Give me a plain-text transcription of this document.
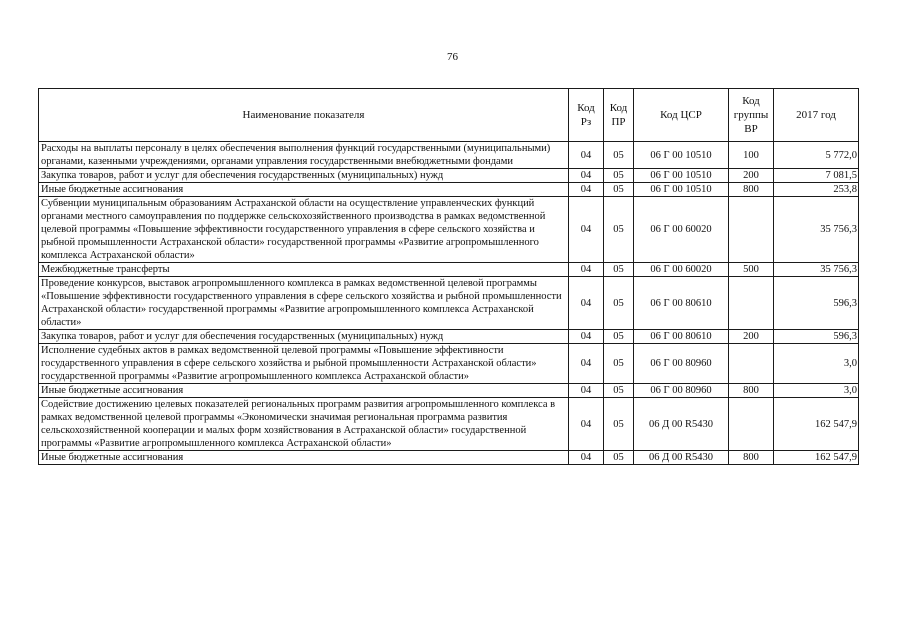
76
Наименование показателя	Код Рз	Код ПР	Код ЦСР	Код группы ВР	2017 год
Расходы на выплаты персоналу в целях обеспечения выполнения функций государственными (муниципальными) органами, казенными учреждениями, органами управления государственными внебюджетными фондами	04	05	06 Г 00 10510	100	5 772,0
Закупка товаров, работ и услуг для обеспечения государственных (муниципальных) нужд	04	05	06 Г 00 10510	200	7 081,5
Иные бюджетные ассигнования	04	05	06 Г 00 10510	800	253,8
Субвенции муниципальным образованиям Астраханской области на осуществление управленческих функций органами местного самоуправления по поддержке сельскохозяйственного производства в рамках ведомственной целевой программы «Повышение эффективности государственного управления в сфере сельского хозяйства и рыбной промышленности Астраханской области» государственной программы «Развитие агропромышленного комплекса Астраханской области»	04	05	06 Г 00 60020		35 756,3
Межбюджетные трансферты	04	05	06 Г 00 60020	500	35 756,3
Проведение конкурсов, выставок агропромышленного комплекса в рамках ведомственной целевой программы «Повышение эффективности государственного управления в сфере сельского хозяйства и рыбной промышленности Астраханской области» государственной программы «Развитие агропромышленного комплекса Астраханской области»	04	05	06 Г 00 80610		596,3
Закупка товаров, работ и услуг для обеспечения государственных (муниципальных) нужд	04	05	06 Г 00 80610	200	596,3
Исполнение судебных актов в рамках ведомственной целевой программы «Повышение эффективности государственного управления в сфере сельского хозяйства и рыбной промышленности Астраханской области» государственной программы «Развитие агропромышленного комплекса Астраханской области»	04	05	06 Г 00 80960		3,0
Иные бюджетные ассигнования	04	05	06 Г 00 80960	800	3,0
Содействие достижению целевых показателей региональных программ развития агропромышленного комплекса в рамках ведомственной целевой программы «Экономически значимая региональная программа развития сельскохозяйственной кооперации и малых форм хозяйствования в Астраханской области» государственной программы «Развитие агропромышленного комплекса Астраханской области»	04	05	06 Д 00 R5430		162 547,9
Иные бюджетные ассигнования	04	05	06 Д 00 R5430	800	162 547,9
